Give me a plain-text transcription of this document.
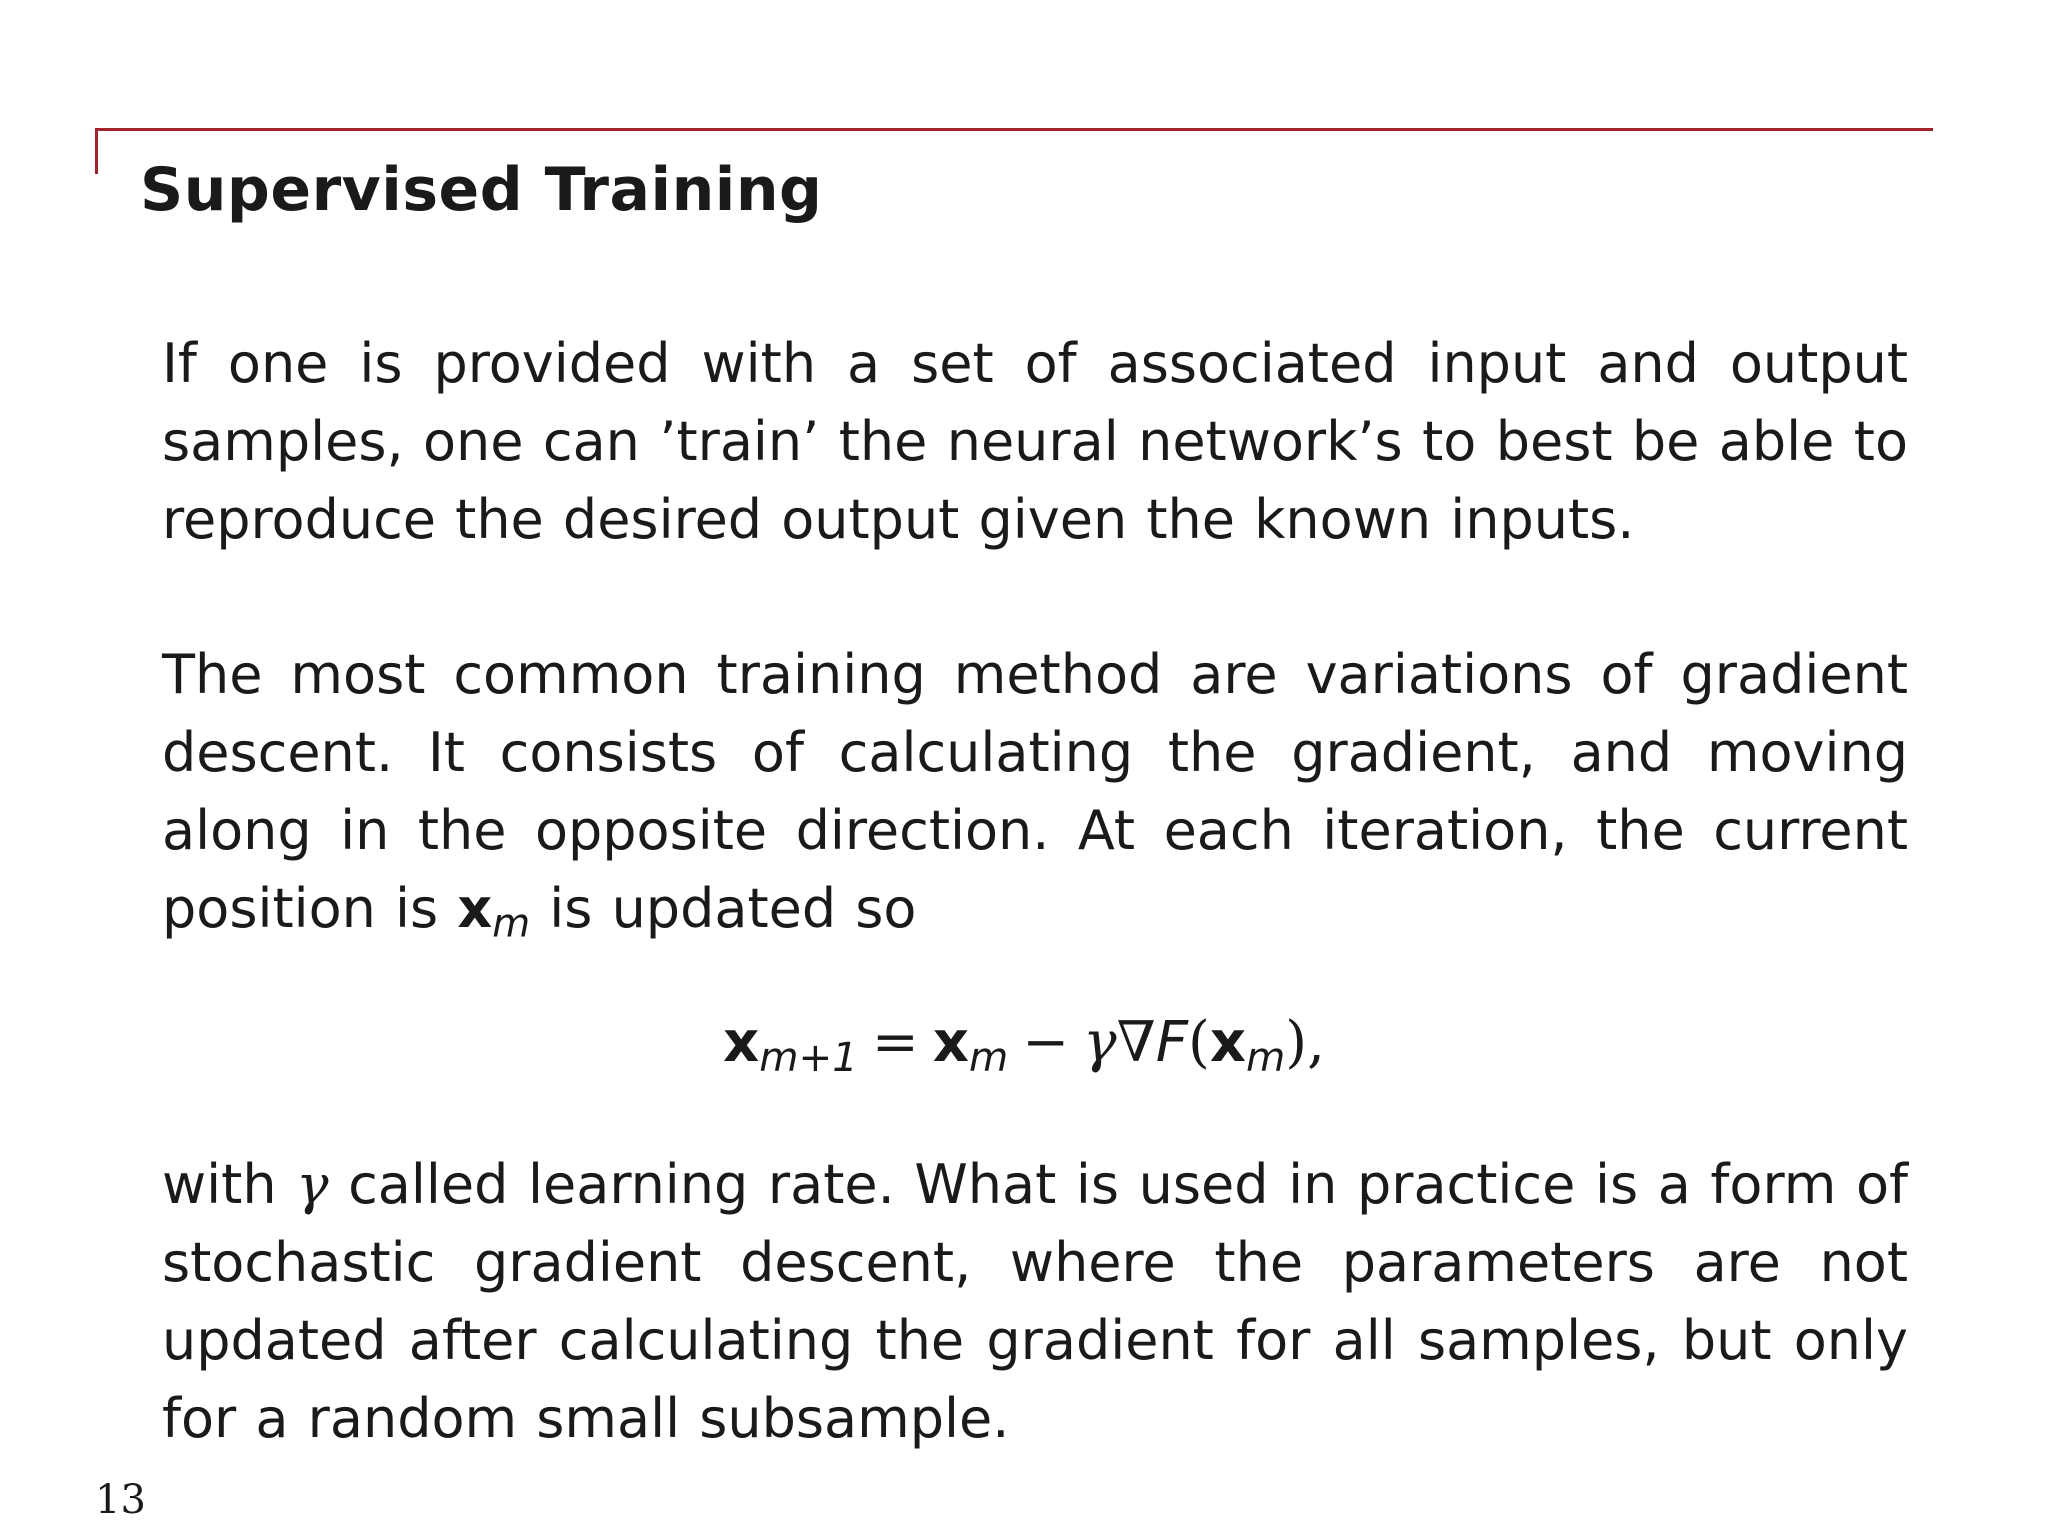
Supervised Training
If one is provided with a set of associated input and output samples, one can ’train’ the neural network’s to best be able to reproduce the desired output given the known inputs.
The most common training method are variations of gradient descent. It consists of calculating the gradient, and moving along in the opposite direction. At each iteration, the current position is $x_m$ is updated so
$x_{m+1} = x_m - \gamma\nabla F(x_m)$,
with γ called learning rate. What is used in practice is a form of stochastic gradient descent, where the parameters are not updated after calculating the gradient for all samples, but only for a random small subsample.
13
